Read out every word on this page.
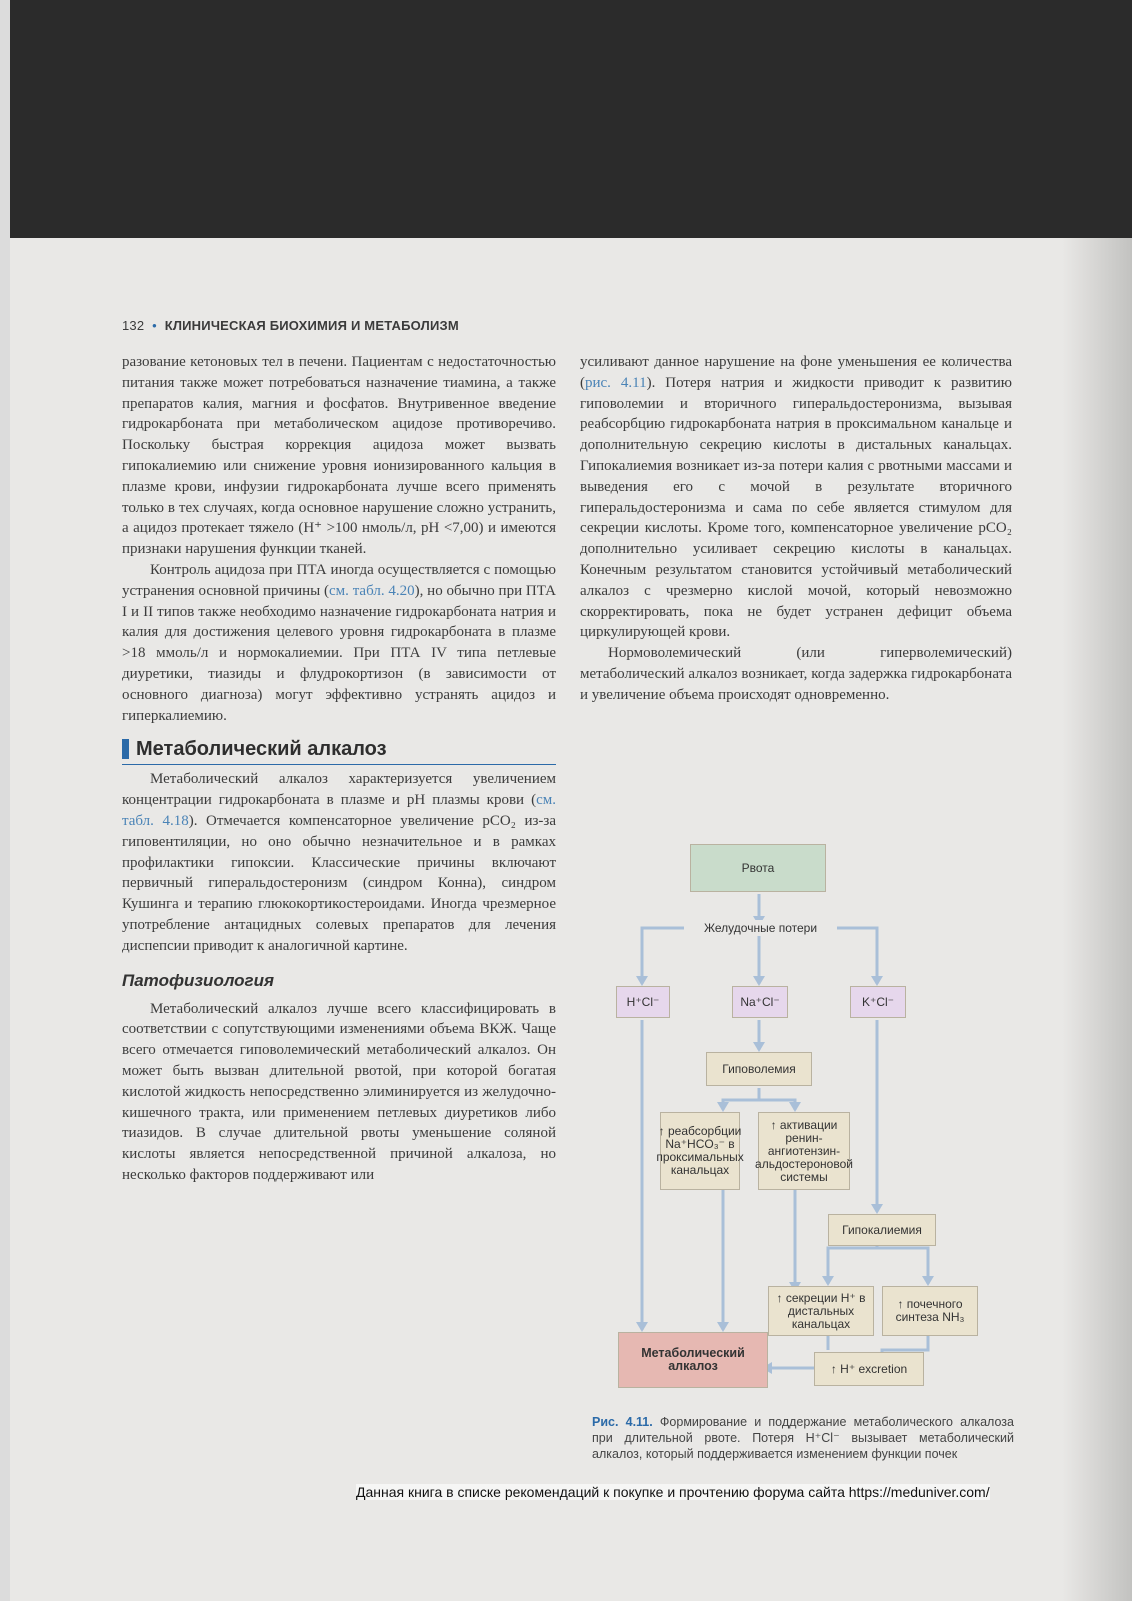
132 • КЛИНИЧЕСКАЯ БИОХИМИЯ И МЕТАБОЛИЗМ

разование кетоновых тел в печени. Пациентам с недостаточностью питания также может потребоваться назначение тиамина, а также препаратов калия, магния и фосфатов. Внутривенное введение гидрокарбоната при метаболическом ацидозе противоречиво. Поскольку быстрая коррекция ацидоза может вызвать гипокалиемию или снижение уровня ионизированного кальция в плазме крови, инфузии гидрокарбоната лучше всего применять только в тех случаях, когда основное нарушение сложно устранить, а ацидоз протекает тяжело (H⁺ >100 нмоль/л, pH <7,00) и имеются признаки нарушения функции тканей.

Контроль ацидоза при ПТА иногда осуществляется с помощью устранения основной причины (см. табл. 4.20), но обычно при ПТА I и II типов также необходимо назначение гидрокарбоната натрия и калия для достижения целевого уровня гидрокарбоната в плазме >18 ммоль/л и нормокалиемии. При ПТА IV типа петлевые диуретики, тиазиды и флудрокортизон (в зависимости от основного диагноза) могут эффективно устранять ацидоз и гиперкалиемию.

Метаболический алкалоз

Метаболический алкалоз характеризуется увеличением концентрации гидрокарбоната в плазме и pH плазмы крови (см. табл. 4.18). Отмечается компенсаторное увеличение pCO₂ из-за гиповентиляции, но оно обычно незначительное и в рамках профилактики гипоксии. Классические причины включают первичный гиперальдостеронизм (синдром Конна), синдром Кушинга и терапию глюкокортикостероидами. Иногда чрезмерное употребление антацидных солевых препаратов для лечения диспепсии приводит к аналогичной картине.

Патофизиология

Метаболический алкалоз лучше всего классифицировать в соответствии с сопутствующими изменениями объема ВКЖ. Чаще всего отмечается гиповолемический метаболический алкалоз. Он может быть вызван длительной рвотой, при которой богатая кислотой жидкость непосредственно элиминируется из желудочно-кишечного тракта, или применением петлевых диуретиков либо тиазидов. В случае длительной рвоты уменьшение соляной кислоты является непосредственной причиной алкалоза, но несколько факторов поддерживают или

усиливают данное нарушение на фоне уменьшения ее количества (рис. 4.11). Потеря натрия и жидкости приводит к развитию гиповолемии и вторичного гиперальдостеронизма, вызывая реабсорбцию гидрокарбоната натрия в проксимальном канальце и дополнительную секрецию кислоты в дистальных канальцах. Гипокалиемия возникает из-за потери калия с рвотными массами и выведения его с мочой в результате вторичного гиперальдостеронизма и сама по себе является стимулом для секреции кислоты. Кроме того, компенсаторное увеличение pCO₂ дополнительно усиливает секрецию кислоты в канальцах. Конечным результатом становится устойчивый метаболический алкалоз с чрезмерно кислой мочой, который невозможно скорректировать, пока не будет устранен дефицит объема циркулирующей крови.

Нормоволемический (или гиперволемический) метаболический алкалоз возникает, когда задержка гидрокарбоната и увеличение объема происходят одновременно.

Рвота
Желудочные потери
H⁺Cl⁻	Na⁺Cl⁻	K⁺Cl⁻
Гиповолемия
↑ реабсорбции Na⁺HCO₃⁻ в проксимальных канальцах
↑ активации ренин-ангиотензин-альдостероновой системы
Гипокалиемия
↑ секреции H⁺ в дистальных канальцах
↑ почечного синтеза NH₃
Метаболический алкалоз	↑ H⁺ excretion
Рис. 4.11. Формирование и поддержание метаболического алкалоза при длительной рвоте. Потеря H⁺Cl⁻ вызывает метаболический алкалоз, который поддерживается изменением функции почек
Данная книга в списке рекомендаций к покупке и прочтению форума сайта https://meduniver.com/
